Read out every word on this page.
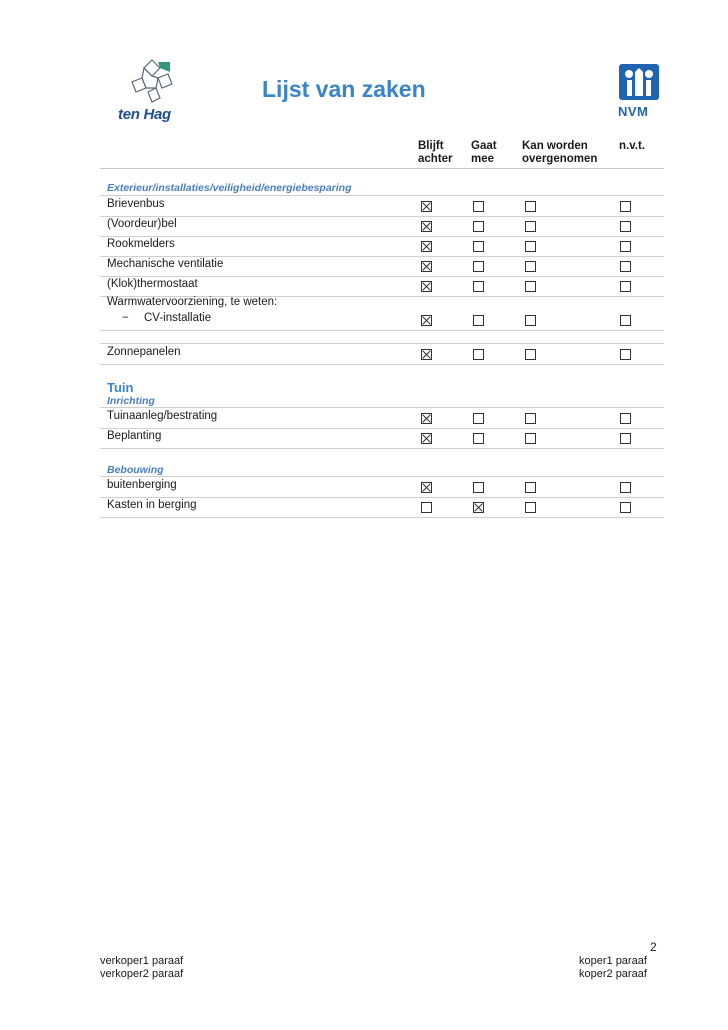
ten Hag
Lijst van zaken
NVM
Blijft
achter
Gaat
mee
Kan worden
overgenomen
n.v.t.
Exterieur/installaties/veiligheid/energiebesparing
Brievenbus
(Voordeur)bel
Rookmelders
Mechanische ventilatie
(Klok)thermostaat
Warmwatervoorziening, te weten:
− CV-installatie
Zonnepanelen
Tuin
Inrichting
Tuinaanleg/bestrating
Beplanting
Bebouwing
buitenberging
Kasten in berging
2
verkoper1 paraaf
verkoper2 paraaf
koper1 paraaf
koper2 paraaf
